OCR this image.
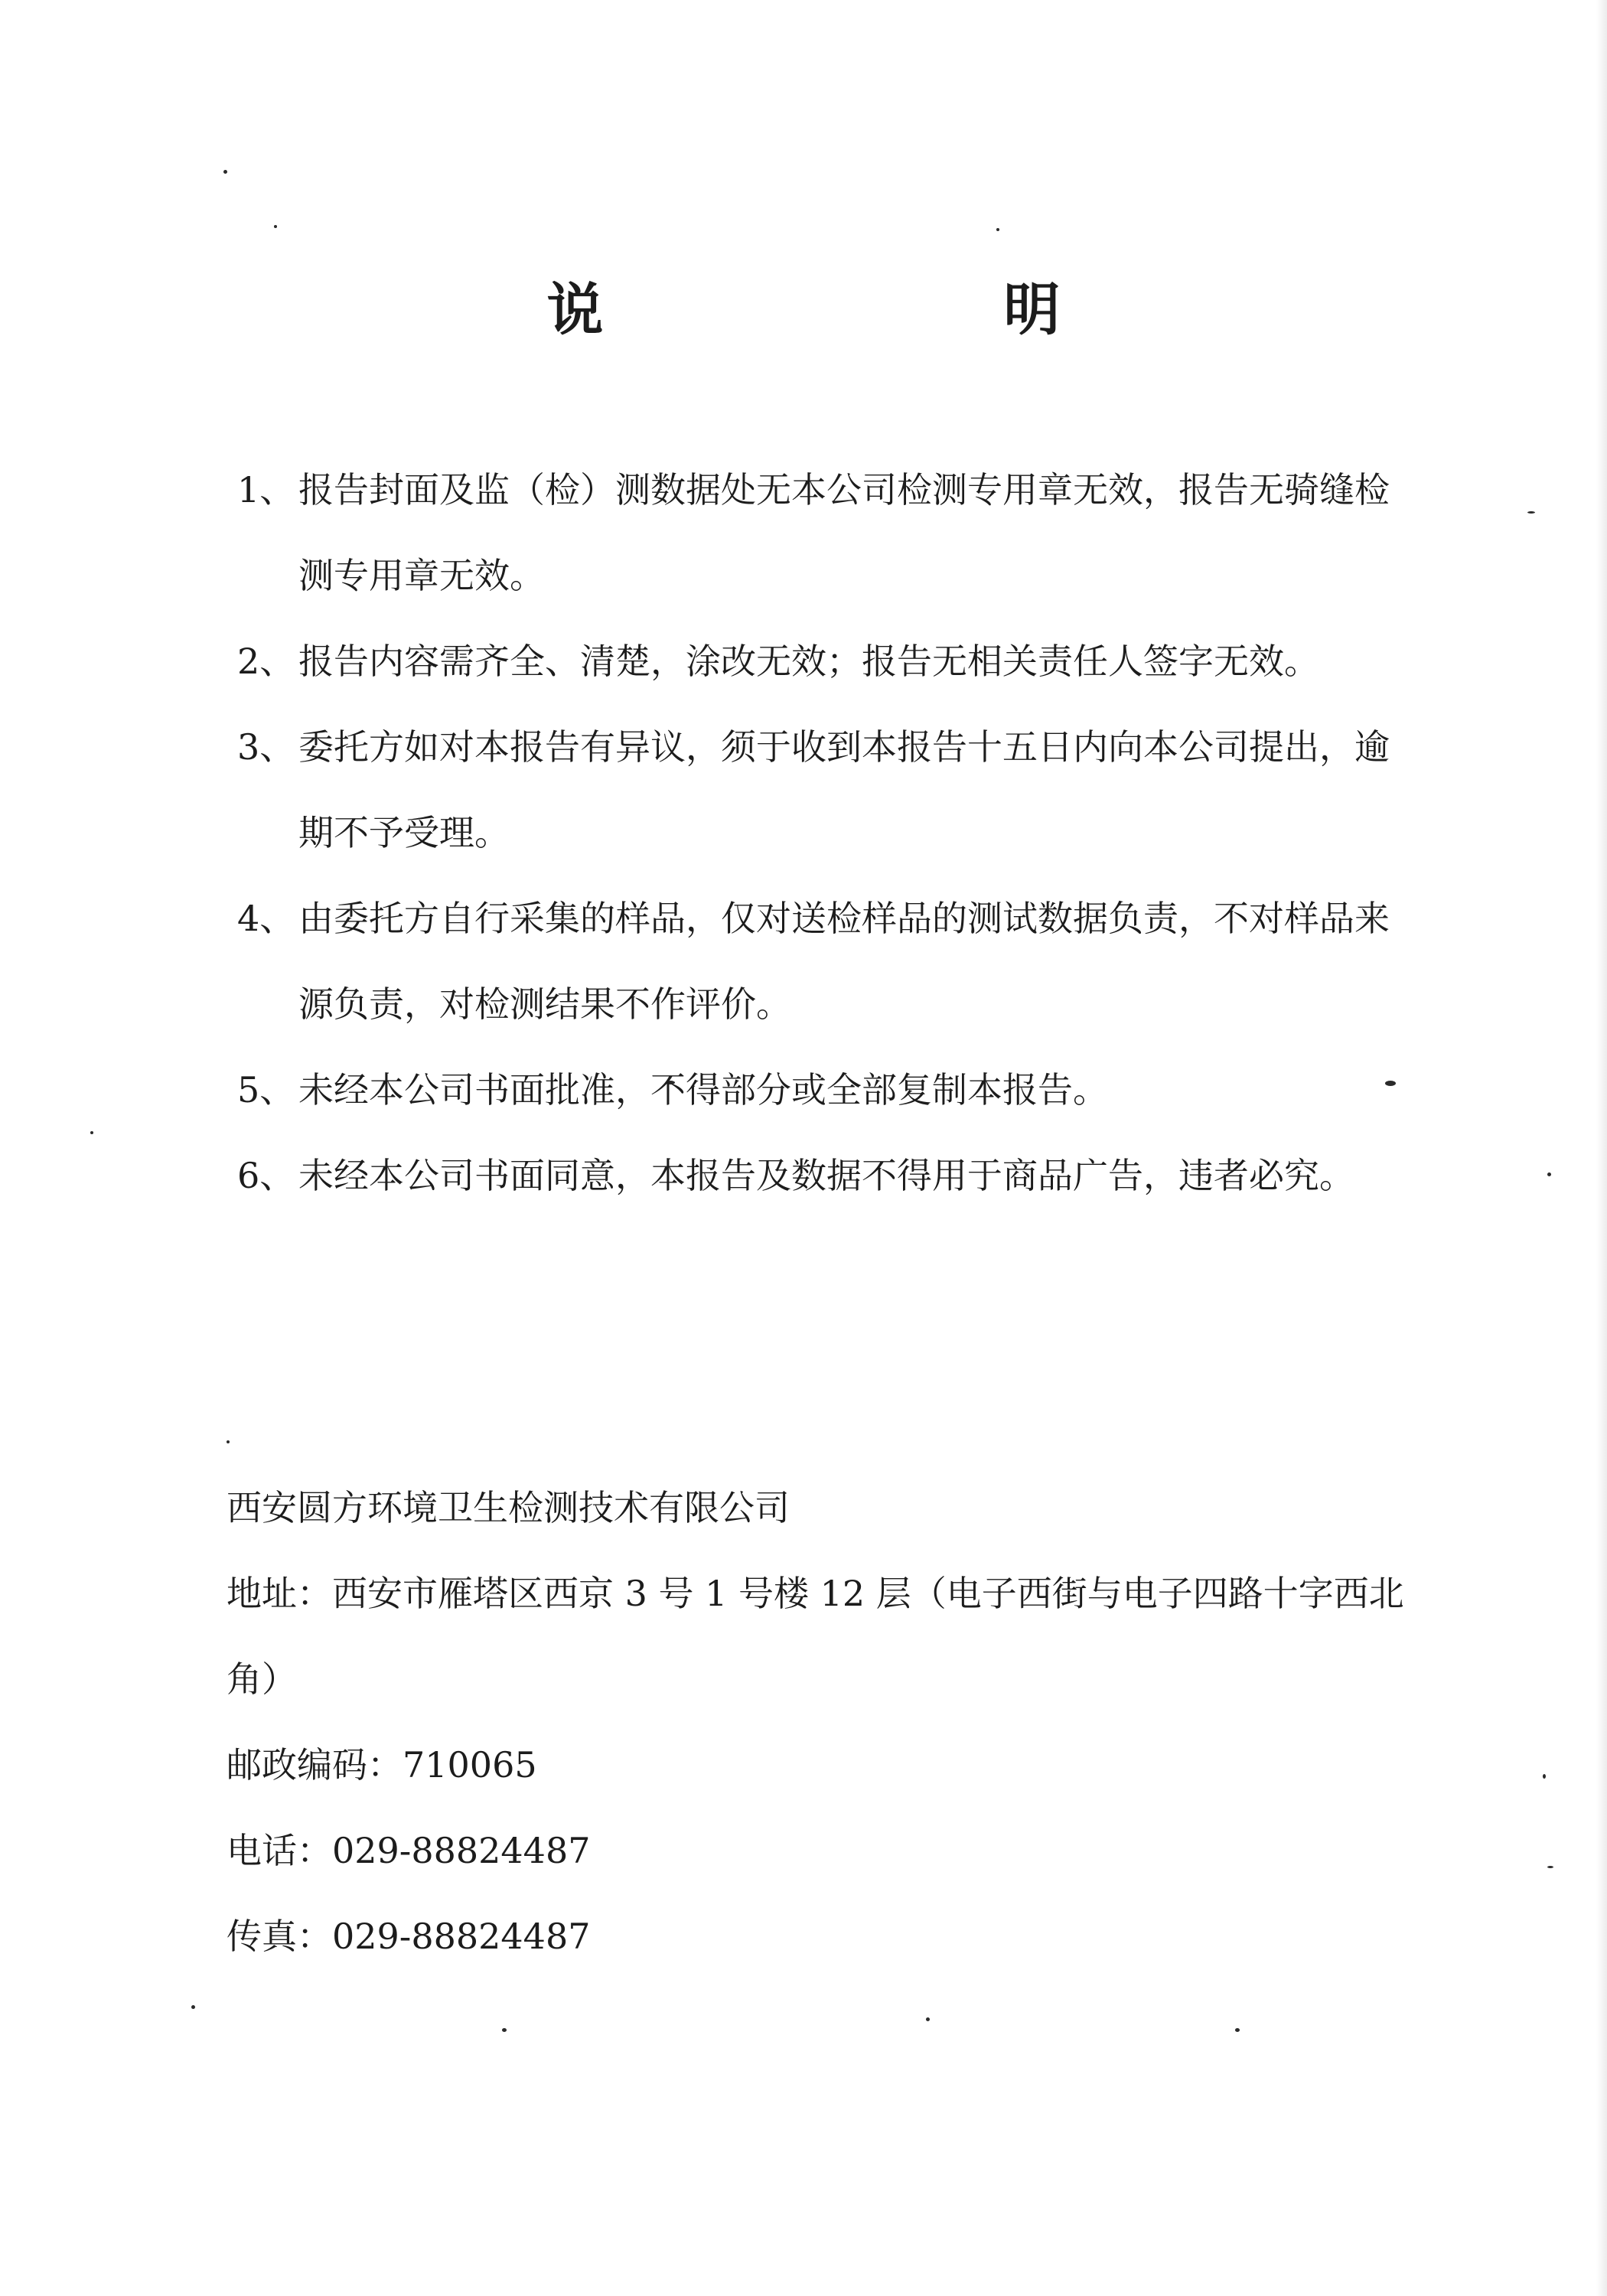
说　　明
1、 报告封面及监（检）测数据处无本公司检测专用章无效，报告无骑缝检测专用章无效。
2、 报告内容需齐全、清楚，涂改无效；报告无相关责任人签字无效。
3、 委托方如对本报告有异议，须于收到本报告十五日内向本公司提出，逾期不予受理。
4、 由委托方自行采集的样品，仅对送检样品的测试数据负责，不对样品来源负责，对检测结果不作评价。
5、 未经本公司书面批准，不得部分或全部复制本报告。
6、 未经本公司书面同意，本报告及数据不得用于商品广告，违者必究。
西安圆方环境卫生检测技术有限公司
地址：西安市雁塔区西京 3 号 1 号楼 12 层（电子西街与电子四路十字西北角）
邮政编码：710065
电话：029-88824487
传真：029-88824487
